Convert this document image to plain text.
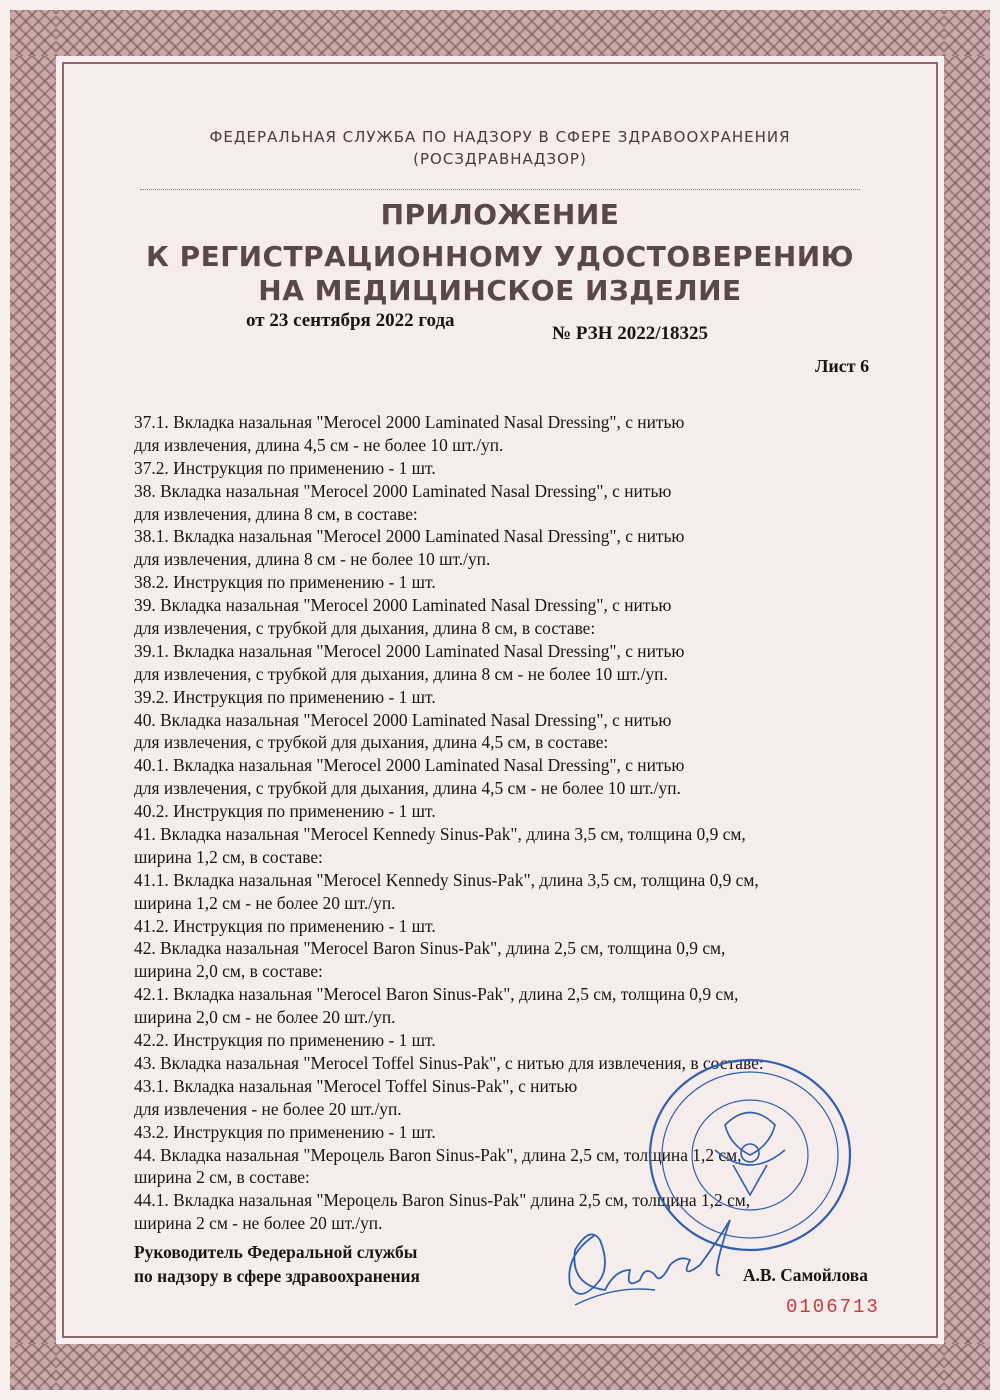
ФЕДЕРАЛЬНАЯ СЛУЖБА ПО НАДЗОРУ В СФЕРЕ ЗДРАВООХРАНЕНИЯ
(РОСЗДРАВНАДЗОР)
ПРИЛОЖЕНИЕ
К РЕГИСТРАЦИОННОМУ УДОСТОВЕРЕНИЮ
НА МЕДИЦИНСКОЕ ИЗДЕЛИЕ
от 23 сентября 2022 года
№ РЗН 2022/18325
Лист 6
37.1. Вкладка назальная "Merocel 2000 Laminated Nasal Dressing", с нитью
для извлечения, длина 4,5 см - не более 10 шт./уп.
37.2. Инструкция по применению - 1 шт.
38. Вкладка назальная "Merocel 2000 Laminated Nasal Dressing", с нитью
для извлечения, длина 8 см, в составе:
38.1. Вкладка назальная "Merocel 2000 Laminated Nasal Dressing", с нитью
для извлечения, длина 8 см - не более 10 шт./уп.
38.2. Инструкция по применению - 1 шт.
39. Вкладка назальная "Merocel 2000 Laminated Nasal Dressing", с нитью
для извлечения, с трубкой для дыхания, длина 8 см, в составе:
39.1. Вкладка назальная "Merocel 2000 Laminated Nasal Dressing", с нитью
для извлечения, с трубкой для дыхания, длина 8 см - не более 10 шт./уп.
39.2. Инструкция по применению - 1 шт.
40. Вкладка назальная "Merocel 2000 Laminated Nasal Dressing", с нитью
для извлечения, с трубкой для дыхания, длина 4,5 см, в составе:
40.1. Вкладка назальная "Merocel 2000 Laminated Nasal Dressing", с нитью
для извлечения, с трубкой для дыхания, длина 4,5 см - не более 10 шт./уп.
40.2. Инструкция по применению - 1 шт.
41. Вкладка назальная "Merocel Kennedy Sinus-Pak", длина 3,5 см, толщина 0,9 см,
ширина 1,2 см, в составе:
41.1. Вкладка назальная "Merocel Kennedy Sinus-Pak", длина 3,5 см, толщина 0,9 см,
ширина 1,2 см - не более 20 шт./уп.
41.2. Инструкция по применению - 1 шт.
42. Вкладка назальная "Merocel Baron Sinus-Pak", длина 2,5 см, толщина 0,9 см,
ширина 2,0 см, в составе:
42.1. Вкладка назальная "Merocel Baron Sinus-Pak", длина 2,5 см, толщина 0,9 см,
ширина 2,0 см - не более 20 шт./уп.
42.2. Инструкция по применению - 1 шт.
43. Вкладка назальная "Merocel Toffel Sinus-Pak", с нитью для извлечения, в составе:
43.1. Вкладка назальная "Merocel Toffel Sinus-Pak", с нитью
для извлечения - не более 20 шт./уп.
43.2. Инструкция по применению - 1 шт.
44. Вкладка назальная "Мероцель Baron Sinus-Pak", длина 2,5 см, толщина 1,2 см,
ширина 2 см, в составе:
44.1. Вкладка назальная "Мероцель Baron Sinus-Pak" длина 2,5 см, толщина 1,2 см,
ширина 2 см - не более 20 шт./уп.
Руководитель Федеральной службы
по надзору в сфере здравоохранения	А.В. Самойлова
0106713
